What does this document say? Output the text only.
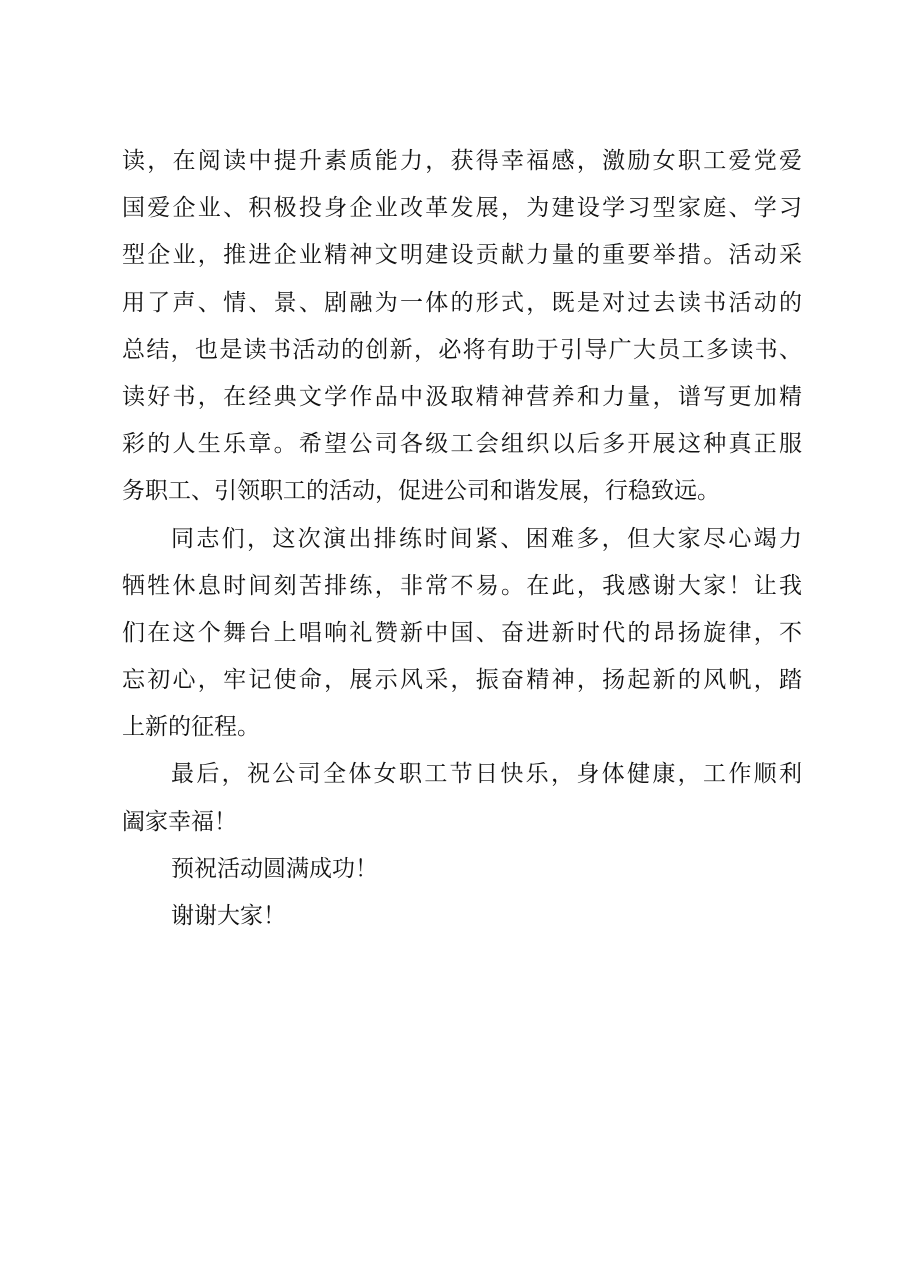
读，在阅读中提升素质能力，获得幸福感，激励女职工爱党爱
国爱企业、积极投身企业改革发展，为建设学习型家庭、学习
型企业，推进企业精神文明建设贡献力量的重要举措。活动采
用了声、情、景、剧融为一体的形式，既是对过去读书活动的
总结，也是读书活动的创新，必将有助于引导广大员工多读书、
读好书，在经典文学作品中汲取精神营养和力量，谱写更加精
彩的人生乐章。希望公司各级工会组织以后多开展这种真正服
务职工、引领职工的活动，促进公司和谐发展，行稳致远。
同志们，这次演出排练时间紧、困难多，但大家尽心竭力
牺牲休息时间刻苦排练，非常不易。在此，我感谢大家！让我
们在这个舞台上唱响礼赞新中国、奋进新时代的昂扬旋律，不
忘初心，牢记使命，展示风采，振奋精神，扬起新的风帆，踏
上新的征程。
最后，祝公司全体女职工节日快乐，身体健康，工作顺利
阖家幸福！
预祝活动圆满成功！
谢谢大家！
